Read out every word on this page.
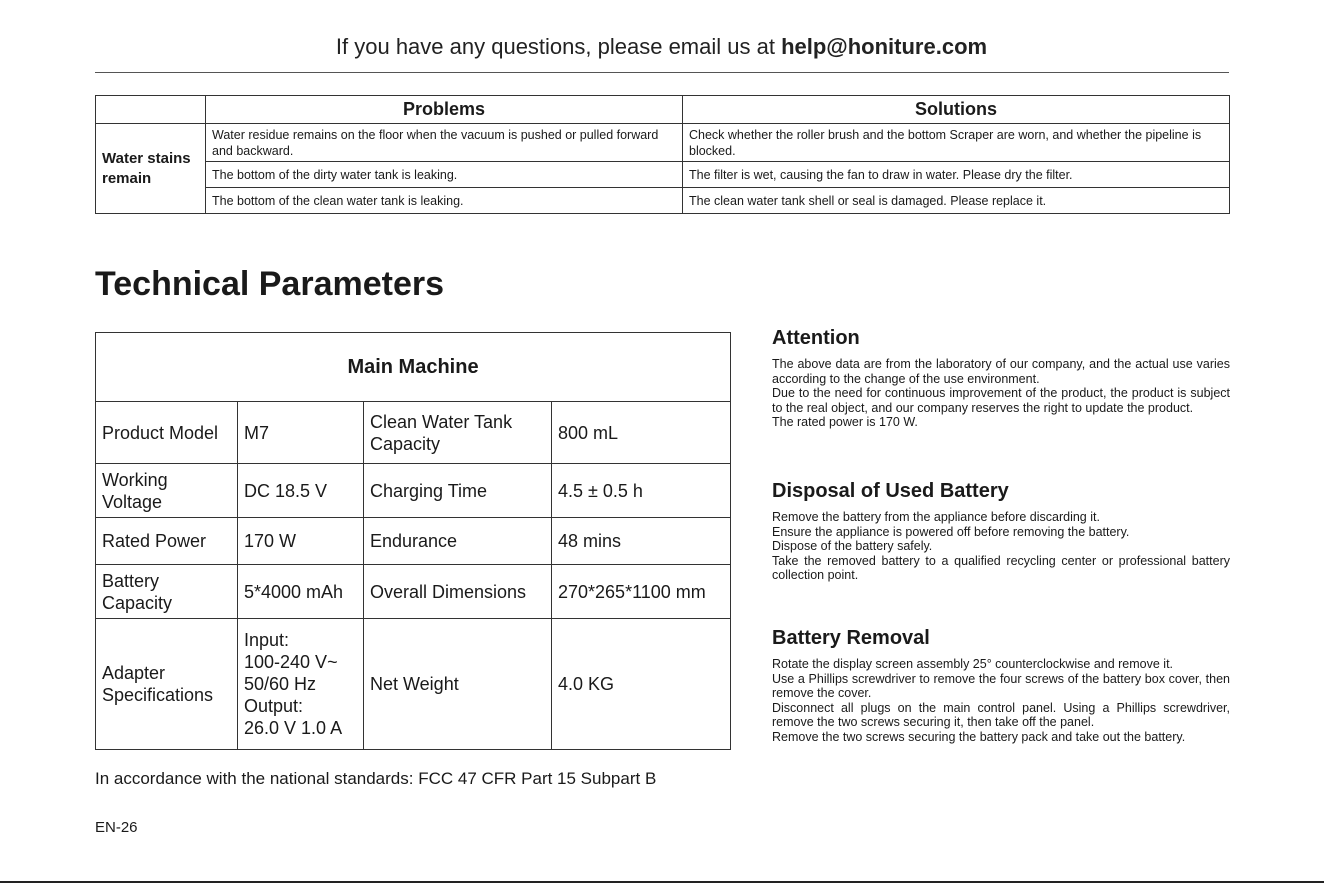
If you have any questions, please email us at help@honiture.com
	Problems	Solutions
Water stains remain	Water residue remains on the floor when the vacuum is pushed or pulled forward and backward.	Check whether the roller brush and the bottom Scraper are worn, and whether the pipeline is blocked.
	The bottom of the dirty water tank is leaking.	The filter is wet, causing the fan to draw in water. Please dry the filter.
	The bottom of the clean water tank is leaking.	The clean water tank shell or seal is damaged. Please replace it.
Technical Parameters
Main Machine			
Product Model	M7	Clean Water Tank Capacity	800 mL
Working Voltage	DC 18.5 V	Charging Time	4.5 ± 0.5 h
Rated Power	170 W	Endurance	48 mins
Battery Capacity	5*4000 mAh	Overall Dimensions	270*265*1100 mm
Adapter Specifications	Input:
100-240 V~
50/60 Hz
Output:
26.0 V 1.0 A	Net Weight	4.0 KG
Attention

The above data are from the laboratory of our company, and the actual use varies according to the change of the use environment.
Due to the need for continuous improvement of the product, the product is subject to the real object, and our company reserves the right to update the product.
The rated power is 170 W.

Disposal of Used Battery

Remove the battery from the appliance before discarding it.
Ensure the appliance is powered off before removing the battery.
Dispose of the battery safely.
Take the removed battery to a qualified recycling center or professional battery collection point.

Battery Removal

Rotate the display screen assembly 25° counterclockwise and remove it.
Use a Phillips screwdriver to remove the four screws of the battery box cover, then remove the cover.
Disconnect all plugs on the main control panel. Using a Phillips screwdriver, remove the two screws securing it, then take off the panel.
Remove the two screws securing the battery pack and take out the battery.

In accordance with the national standards: FCC 47 CFR Part 15 Subpart B
EN-26
